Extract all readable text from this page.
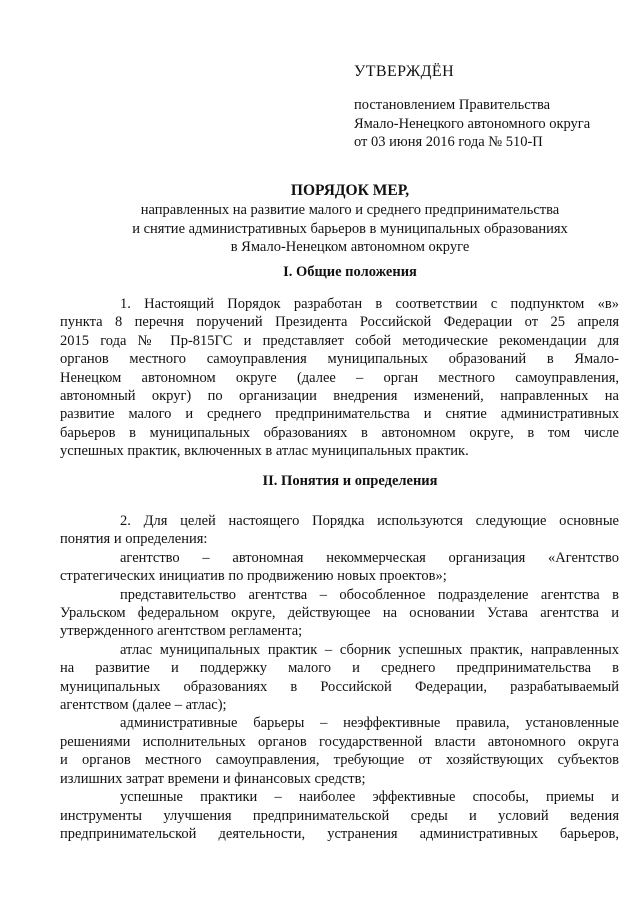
УТВЕРЖДЁН
постановлением Правительства
Ямало-Ненецкого автономного округа
от 03 июня 2016 года № 510-П
ПОРЯДОК МЕР,
направленных на развитие малого и среднего предпринимательства
и снятие административных барьеров в муниципальных образованиях
в Ямало-Ненецком автономном округе
I. Общие положения
1. Настоящий Порядок разработан в соответствии с подпунктом «в»
пункта 8 перечня поручений Президента Российской Федерации от 25 апреля
2015 года № Пр-815ГС и представляет собой методические рекомендации для
органов местного самоуправления муниципальных образований в Ямало-
Ненецком автономном округе (далее – орган местного самоуправления,
автономный округ) по организации внедрения изменений, направленных на
развитие малого и среднего предпринимательства и снятие административных
барьеров в муниципальных образованиях в автономном округе, в том числе
успешных практик, включенных в атлас муниципальных практик.
II. Понятия и определения
2. Для целей настоящего Порядка используются следующие основные
понятия и определения:
агентство – автономная некоммерческая организация «Агентство
стратегических инициатив по продвижению новых проектов»;
представительство агентства – обособленное подразделение агентства в
Уральском федеральном округе, действующее на основании Устава агентства и
утвержденного агентством регламента;
атлас муниципальных практик – сборник успешных практик, направленных
на развитие и поддержку малого и среднего предпринимательства в
муниципальных образованиях в Российской Федерации, разрабатываемый
агентством (далее – атлас);
административные барьеры – неэффективные правила, установленные
решениями исполнительных органов государственной власти автономного округа
и органов местного самоуправления, требующие от хозяйствующих субъектов
излишних затрат времени и финансовых средств;
успешные практики – наиболее эффективные способы, приемы и
инструменты улучшения предпринимательской среды и условий ведения
предпринимательской деятельности, устранения административных барьеров,
